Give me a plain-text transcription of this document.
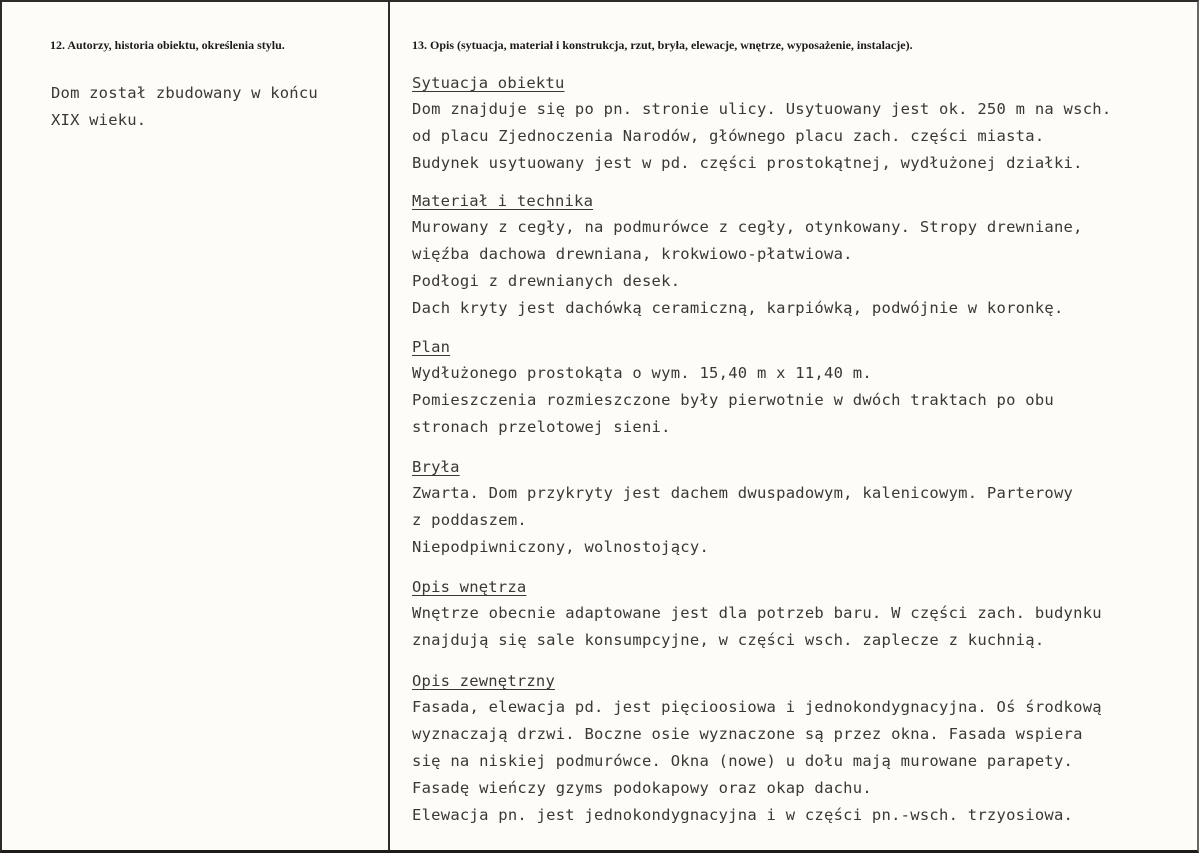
12. Autorzy, historia obiektu, określenia stylu.
Dom został zbudowany w końcu
XIX wieku.
13. Opis (sytuacja, materiał i konstrukcja, rzut, bryła, elewacje, wnętrze, wyposażenie, instalacje).
Sytuacja obiektu
Dom znajduje się po pn. stronie ulicy. Usytuowany jest ok. 250 m na wsch.
od placu Zjednoczenia Narodów, głównego placu zach. części miasta.
Budynek usytuowany jest w pd. części prostokątnej, wydłużonej działki.
Materiał i technika
Murowany z cegły, na podmurówce z cegły, otynkowany. Stropy drewniane,
więźba dachowa drewniana, krokwiowo-płatwiowa.
Podłogi z drewnianych desek.
Dach kryty jest dachówką ceramiczną, karpiówką, podwójnie w koronkę.
Plan
Wydłużonego prostokąta o wym. 15,40 m x 11,40 m.
Pomieszczenia rozmieszczone były pierwotnie w dwóch traktach po obu
stronach przelotowej sieni.
Bryła
Zwarta. Dom przykryty jest dachem dwuspadowym, kalenicowym. Parterowy
z poddaszem.
Niepodpiwniczony, wolnostojący.
Opis wnętrza
Wnętrze obecnie adaptowane jest dla potrzeb baru. W części zach. budynku
znajdują się sale konsumpcyjne, w części wsch. zaplecze z kuchnią.
Opis zewnętrzny
Fasada, elewacja pd. jest pięcioosiowa i jednokondygnacyjna. Oś środkową
wyznaczają drzwi. Boczne osie wyznaczone są przez okna. Fasada wspiera
się na niskiej podmurówce. Okna (nowe) u dołu mają murowane parapety.
Fasadę wieńczy gzyms podokapowy oraz okap dachu.
Elewacja pn. jest jednokondygnacyjna i w części pn.-wsch. trzyosiowa.
